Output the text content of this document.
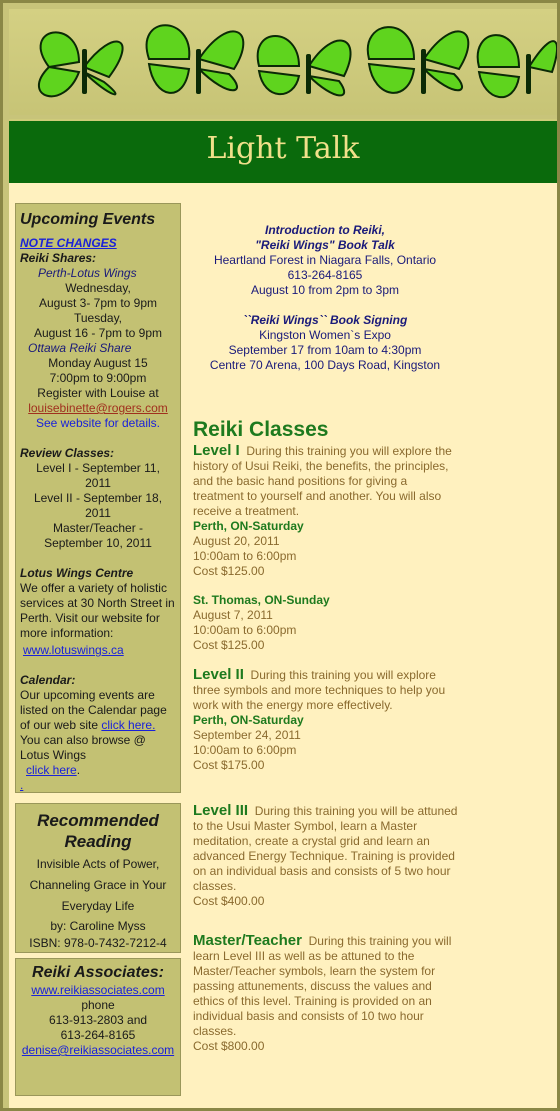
Light Talk
Upcoming Events
NOTE CHANGES
Reiki Shares:
Perth-Lotus Wings
Wednesday,
August 3- 7pm to 9pm
Tuesday,
August 16 - 7pm to 9pm
Ottawa Reiki Share
Monday August 15
7:00pm to 9:00pm
Register with Louise at
louisebinette@rogers.com
See website for details.
Review Classes:
Level I - September 11,
2011
Level II - September 18,
2011
Master/Teacher -
September 10, 2011
Lotus Wings Centre
We offer a variety of holistic services at 30 North Street in Perth. Visit our website for more information:
www.lotuswings.ca
Calendar:
Our upcoming events are listed on the Calendar page of our web site click here.
You can also browse @ Lotus Wings
click here.
.
Recommended
Reading
Invisible Acts of Power,
Channeling Grace in Your
Everyday Life
by: Caroline Myss
ISBN: 978-0-7432-7212-4
Reiki Associates:
www.reikiassociates.com
phone
613-913-2803 and
613-264-8165
denise@reikiassociates.com
Introduction to Reiki,
"Reiki Wings" Book Talk
Heartland Forest in Niagara Falls, Ontario
613-264-8165
August 10 from 2pm to 3pm
``Reiki Wings`` Book Signing
Kingston Women`s Expo
September 17 from 10am to 4:30pm
Centre 70 Arena, 100 Days Road, Kingston
Reiki Classes
Level I During this training you will explore the history of Usui Reiki, the benefits, the principles, and the basic hand positions for giving a treatment to yourself and another. You will also receive a treatment.
Perth, ON-Saturday
August 20, 2011
10:00am to 6:00pm
Cost $125.00
St. Thomas, ON-Sunday
August 7, 2011
10:00am to 6:00pm
Cost $125.00
Level II During this training you will explore three symbols and more techniques to help you work with the energy more effectively.
Perth, ON-Saturday
September 24, 2011
10:00am to 6:00pm
Cost $175.00
Level III During this training you will be attuned to the Usui Master Symbol, learn a Master meditation, create a crystal grid and learn an advanced Energy Technique. Training is provided on an individual basis and consists of 5 two hour classes.
Cost $400.00
Master/Teacher During this training you will learn Level III as well as be attuned to the Master/Teacher symbols, learn the system for passing attunements, discuss the values and ethics of this level. Training is provided on an individual basis and consists of 10 two hour classes.
Cost $800.00
